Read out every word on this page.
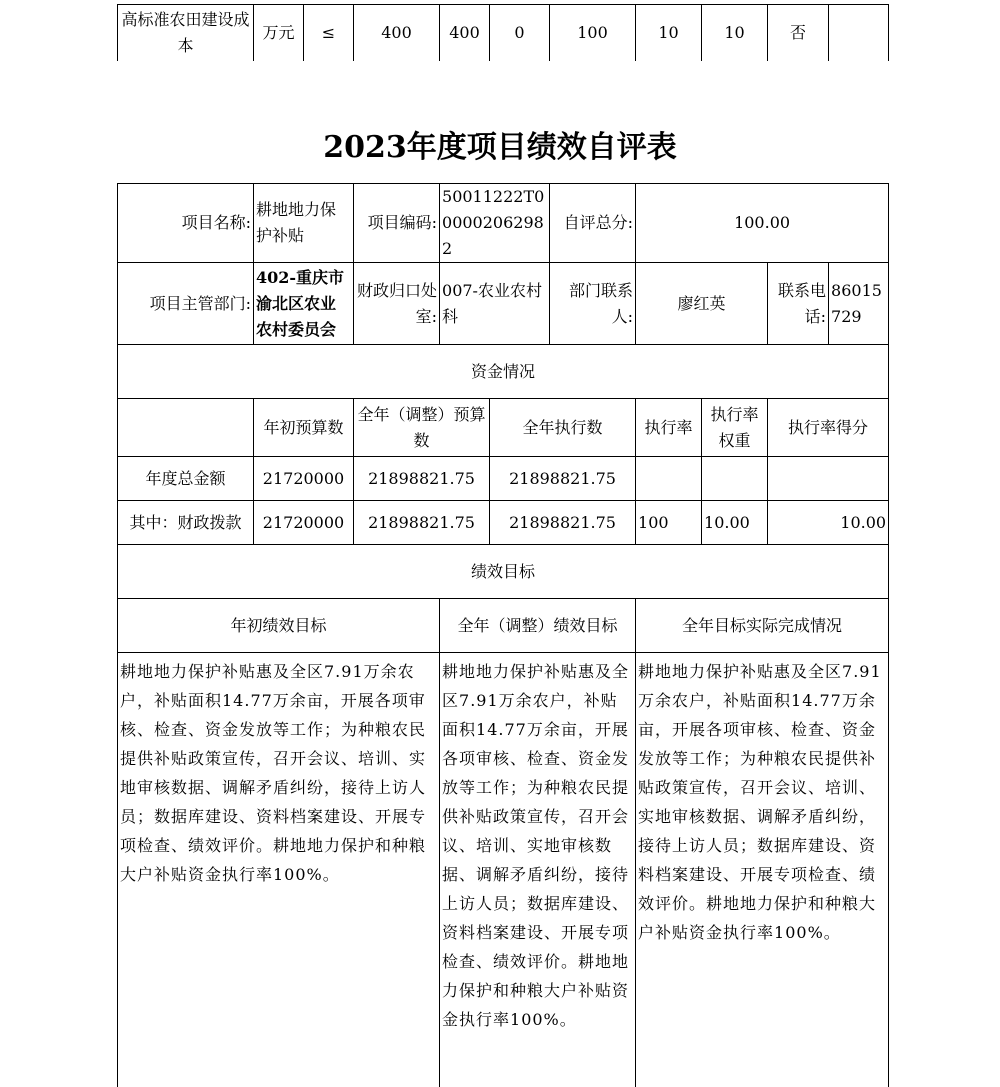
高标准农田建设成本	万元	≤	400	400	0	100	10	10	否	
2023年度项目绩效自评表
项目名称:	耕地地力保护补贴	项目编码:	50011222T000002062982		自评总分:	100.00			
项目主管部门:	402-重庆市渝北区农业农村委员会	财政归口处室:	007-农业农村科		部门联系人:	廖红英		联系电话:	86015729
资金情况									
	年初预算数	全年（调整）预算数		全年执行数		执行率	执行率权重	执行率得分	
年度总金额	21720000	21898821.75		21898821.75					
其中：财政拨款	21720000	21898821.75		21898821.75		100	10.00	10.00	
绩效目标									
年初绩效目标			全年（调整）绩效目标			全年目标实际完成情况			
耕地地力保护补贴惠及全区7.91万余农户，补贴面积14.77万余亩，开展各项审核、检查、资金发放等工作；为种粮农民提供补贴政策宣传，召开会议、培训、实地审核数据、调解矛盾纠纷，接待上访人员；数据库建设、资料档案建设、开展专项检查、绩效评价。耕地地力保护和种粮大户补贴资金执行率100%。			耕地地力保护补贴惠及全区7.91万余农户，补贴面积14.77万余亩，开展各项审核、检查、资金发放等工作；为种粮农民提供补贴政策宣传，召开会议、培训、实地审核数据、调解矛盾纠纷，接待上访人员；数据库建设、资料档案建设、开展专项检查、绩效评价。耕地地力保护和种粮大户补贴资金执行率100%。			耕地地力保护补贴惠及全区7.91万余农户，补贴面积14.77万余亩，开展各项审核、检查、资金发放等工作；为种粮农民提供补贴政策宣传，召开会议、培训、实地审核数据、调解矛盾纠纷，接待上访人员；数据库建设、资料档案建设、开展专项检查、绩效评价。耕地地力保护和种粮大户补贴资金执行率100%。			
